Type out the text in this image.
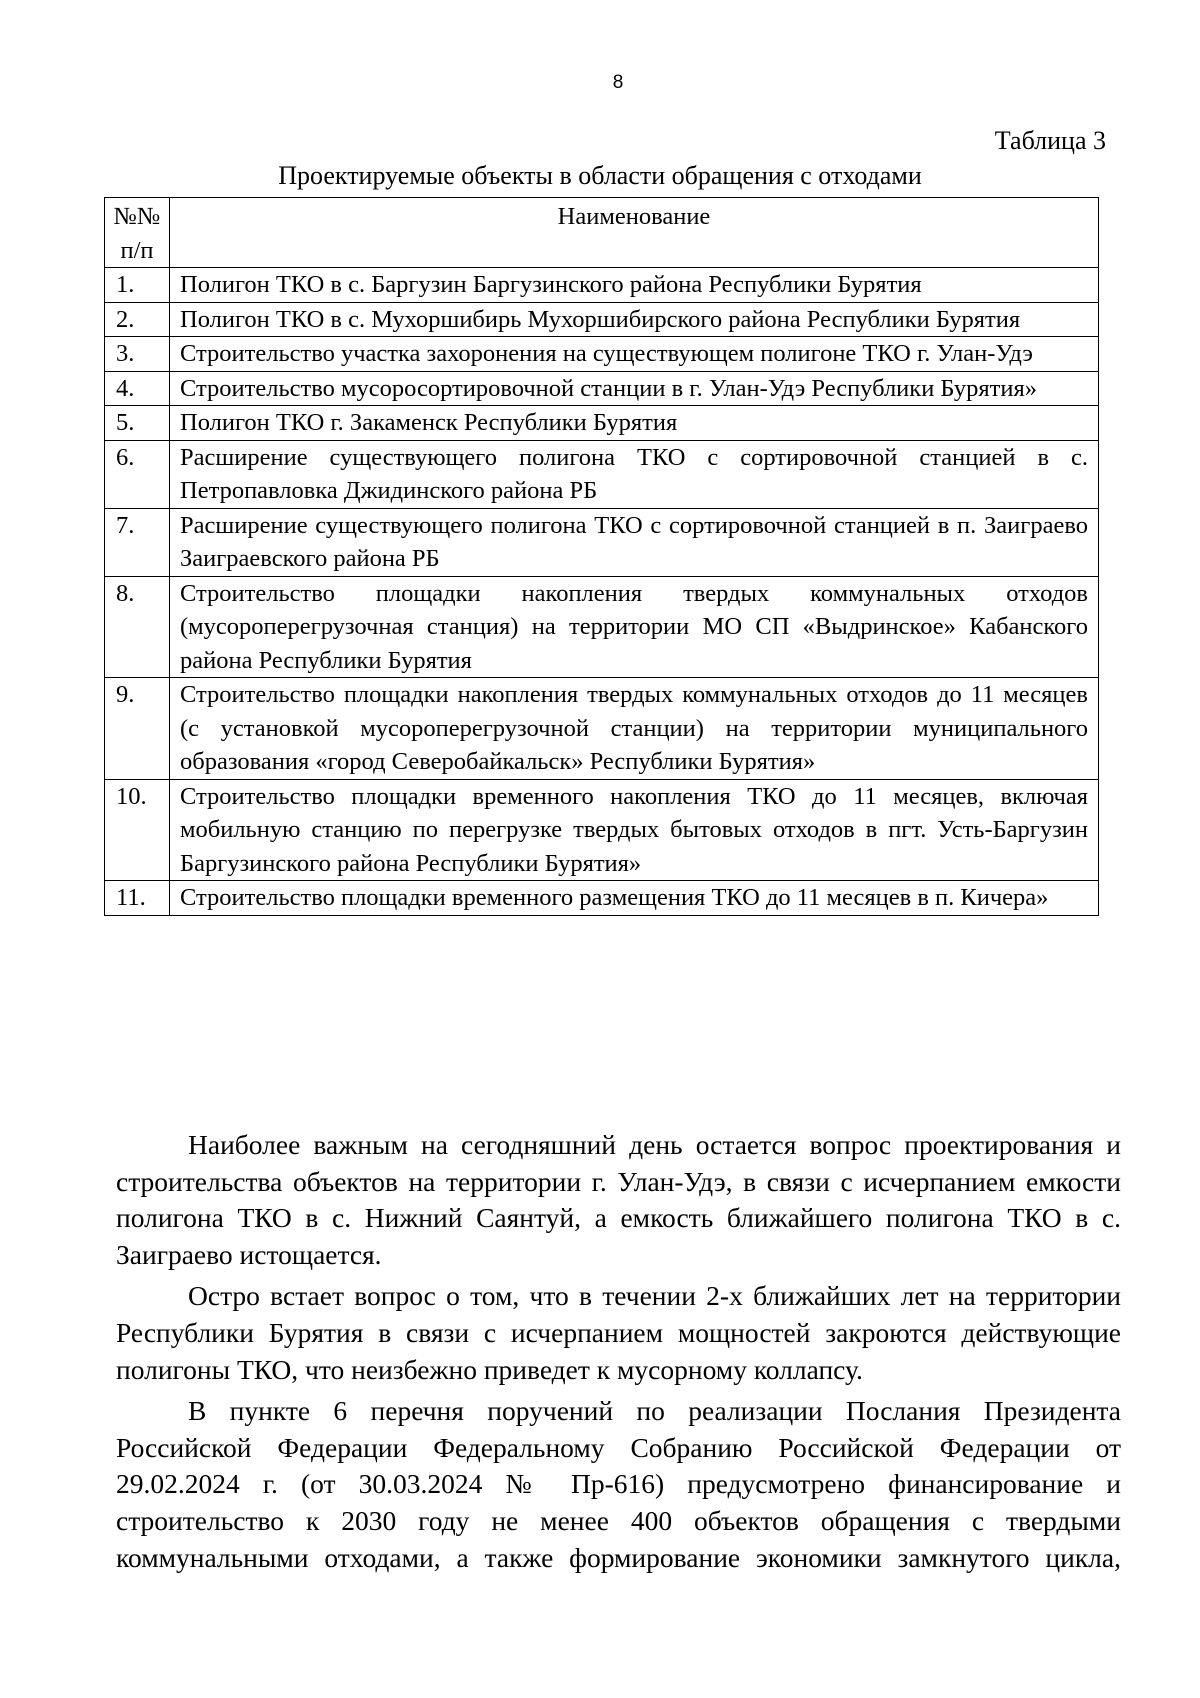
8
Таблица 3
Проектируемые объекты в области обращения с отходами
№№
п/п	Наименование
1.	Полигон ТКО в с. Баргузин Баргузинского района Республики Бурятия
2.	Полигон ТКО в с. Мухоршибирь Мухоршибирского района Республики Бурятия
3.	Строительство участка захоронения на существующем полигоне ТКО г. Улан-Удэ
4.	Строительство мусоросортировочной станции в г. Улан-Удэ Республики Бурятия»
5.	Полигон ТКО г. Закаменск Республики Бурятия
6.	Расширение существующего полигона ТКО с сортировочной станцией в с. Петропавловка Джидинского района РБ
7.	Расширение существующего полигона ТКО с сортировочной станцией в п. Заиграево Заиграевского района РБ
8.	Строительство площадки накопления твердых коммунальных отходов (мусороперегрузочная станция) на территории МО СП «Выдринское» Кабанского района Республики Бурятия
9.	Строительство площадки накопления твердых коммунальных отходов до 11 месяцев (с установкой мусороперегрузочной станции) на территории муниципального образования «город Северобайкальск» Республики Бурятия»
10.	Строительство площадки временного накопления ТКО до 11 месяцев, включая мобильную станцию по перегрузке твердых бытовых отходов в пгт. Усть-Баргузин Баргузинского района Республики Бурятия»
11.	Строительство площадки временного размещения ТКО до 11 месяцев в п. Кичера»

Наиболее важным на сегодняшний день остается вопрос проектирования и строительства объектов на территории г. Улан-Удэ, в связи с исчерпанием емкости полигона ТКО в с. Нижний Саянтуй, а емкость ближайшего полигона ТКО в с. Заиграево истощается.

Остро встает вопрос о том, что в течении 2-х ближайших лет на территории Республики Бурятия в связи с исчерпанием мощностей закроются действующие полигоны ТКО, что неизбежно приведет к мусорному коллапсу.

В пункте 6 перечня поручений по реализации Послания Президента Российской Федерации Федеральному Собранию Российской Федерации от 29.02.2024 г. (от 30.03.2024 № Пр-616) предусмотрено финансирование и строительство к 2030 году не менее 400 объектов обращения с твердыми коммунальными отходами, а также формирование экономики замкнутого цикла,
